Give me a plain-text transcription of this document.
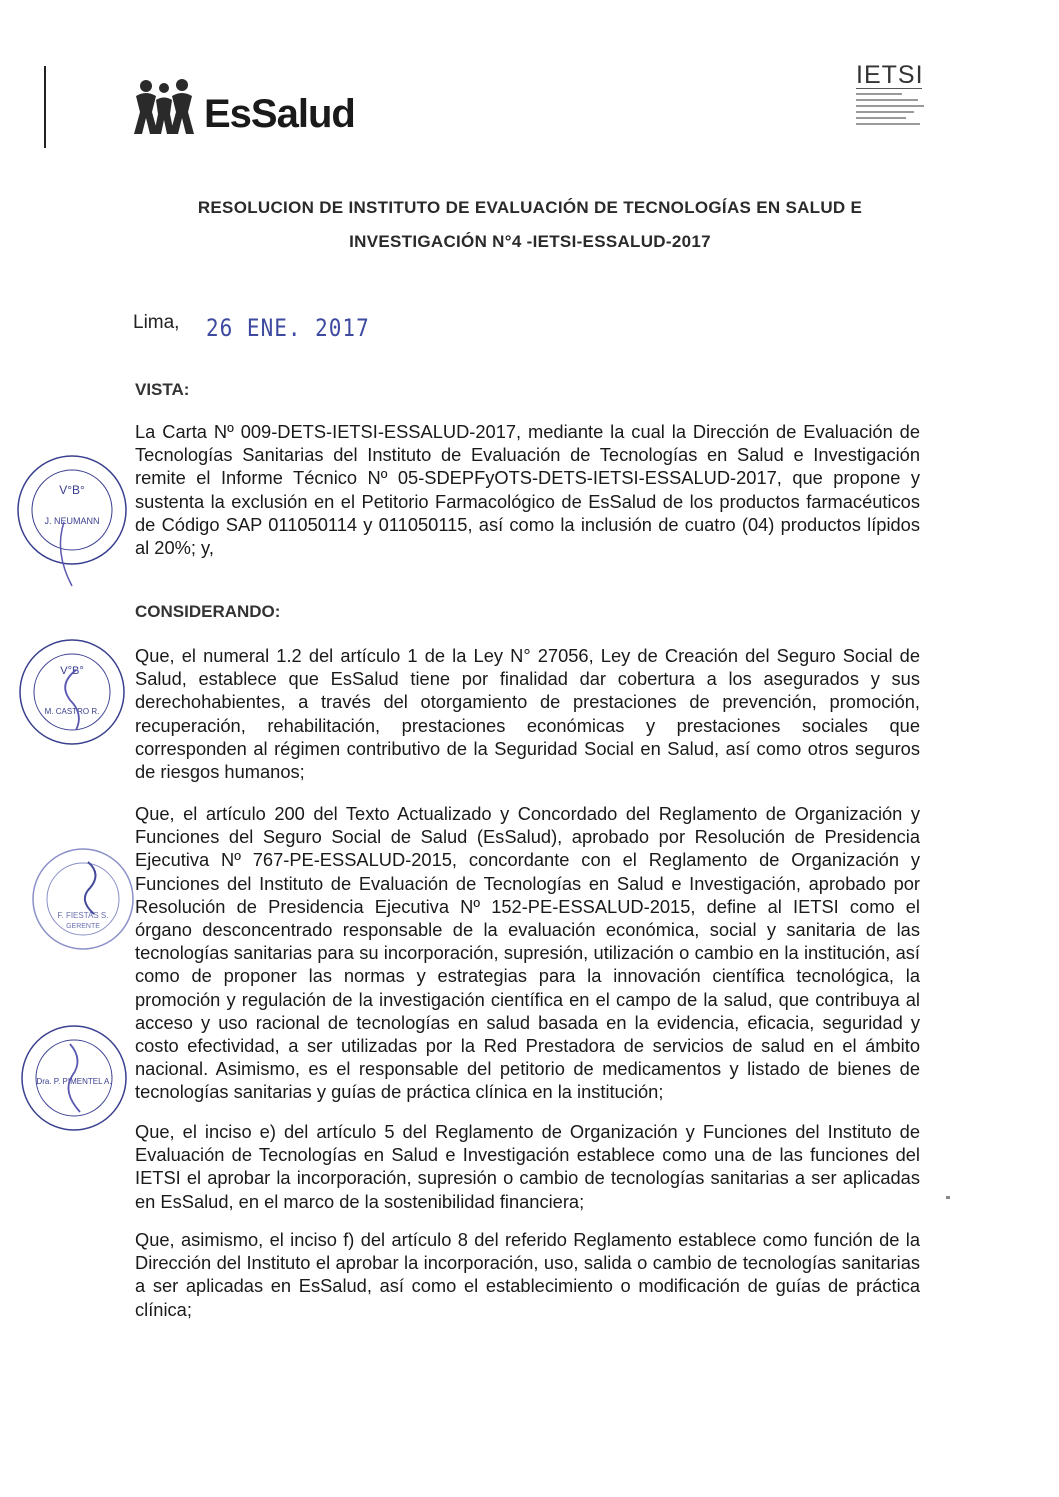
EsSalud
IETSI
RESOLUCION DE INSTITUTO DE EVALUACIÓN DE TECNOLOGÍAS EN SALUD E
INVESTIGACIÓN N°4 -IETSI-ESSALUD-2017
Lima, 26 ENE. 2017
VISTA:
La Carta Nº 009-DETS-IETSI-ESSALUD-2017, mediante la cual la Dirección de Evaluación de Tecnologías Sanitarias del Instituto de Evaluación de Tecnologías en Salud e Investigación remite el Informe Técnico Nº 05-SDEPFyOTS-DETS-IETSI-ESSALUD-2017, que propone y sustenta la exclusión en el Petitorio Farmacológico de EsSalud de los productos farmacéuticos de Código SAP 011050114 y 011050115, así como la inclusión de cuatro (04) productos lípidos al 20%; y,
CONSIDERANDO:
Que, el numeral 1.2 del artículo 1 de la Ley N° 27056, Ley de Creación del Seguro Social de Salud, establece que EsSalud tiene por finalidad dar cobertura a los asegurados y sus derechohabientes, a través del otorgamiento de prestaciones de prevención, promoción, recuperación, rehabilitación, prestaciones económicas y prestaciones sociales que corresponden al régimen contributivo de la Seguridad Social en Salud, así como otros seguros de riesgos humanos;
Que, el artículo 200 del Texto Actualizado y Concordado del Reglamento de Organización y Funciones del Seguro Social de Salud (EsSalud), aprobado por Resolución de Presidencia Ejecutiva Nº 767-PE-ESSALUD-2015, concordante con el Reglamento de Organización y Funciones del Instituto de Evaluación de Tecnologías en Salud e Investigación, aprobado por Resolución de Presidencia Ejecutiva Nº 152-PE-ESSALUD-2015, define al IETSI como el órgano desconcentrado responsable de la evaluación económica, social y sanitaria de las tecnologías sanitarias para su incorporación, supresión, utilización o cambio en la institución, así como de proponer las normas y estrategias para la innovación científica tecnológica, la promoción y regulación de la investigación científica en el campo de la salud, que contribuya al acceso y uso racional de tecnologías en salud basada en la evidencia, eficacia, seguridad y costo efectividad, a ser utilizadas por la Red Prestadora de servicios de salud en el ámbito nacional. Asimismo, es el responsable del petitorio de medicamentos y listado de bienes de tecnologías sanitarias y guías de práctica clínica en la institución;
Que, el inciso e) del artículo 5 del Reglamento de Organización y Funciones del Instituto de Evaluación de Tecnologías en Salud e Investigación establece como una de las funciones del IETSI el aprobar la incorporación, supresión o cambio de tecnologías sanitarias a ser aplicadas en EsSalud, en el marco de la sostenibilidad financiera;
Que, asimismo, el inciso f) del artículo 8 del referido Reglamento establece como función de la Dirección del Instituto el aprobar la incorporación, uso, salida o cambio de tecnologías sanitarias a ser aplicadas en EsSalud, así como el establecimiento o modificación de guías de práctica clínica;
V°B°
J. NEUMANN
V°B°
M. CASTRO R.
F. FIESTAS S.
GERENTE
Dra. P. PIMENTEL A.
